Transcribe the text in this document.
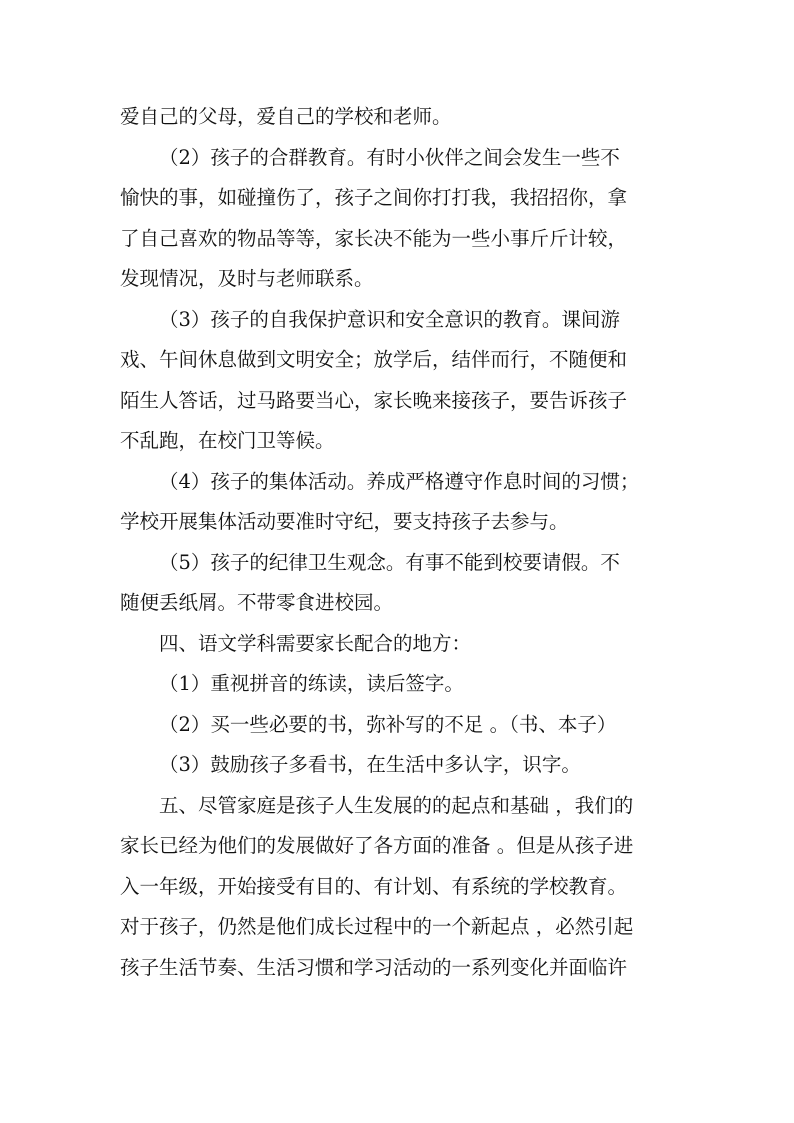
爱自己的父母，爱自己的学校和老师。
（2）孩子的合群教育。有时小伙伴之间会发生一些不
愉快的事，如碰撞伤了，孩子之间你打打我，我招招你，拿
了自己喜欢的物品等等，家长决不能为一些小事斤斤计较，
发现情况，及时与老师联系。
（3）孩子的自我保护意识和安全意识的教育。课间游
戏、午间休息做到文明安全；放学后，结伴而行，不随便和
陌生人答话，过马路要当心，家长晚来接孩子，要告诉孩子
不乱跑，在校门卫等候。
（4）孩子的集体活动。养成严格遵守作息时间的习惯；
学校开展集体活动要准时守纪，要支持孩子去参与。
（5）孩子的纪律卫生观念。有事不能到校要请假。不
随便丢纸屑。不带零食进校园。
四、语文学科需要家长配合的地方：
（1）重视拼音的练读，读后签字。
（2）买一些必要的书，弥补写的不足 。（书、本子）
（3）鼓励孩子多看书，在生活中多认字，识字。
五、尽管家庭是孩子人生发展的的起点和基础 ，我们的
家长已经为他们的发展做好了各方面的准备 。但是从孩子进
入一年级，开始接受有目的、有计划、有系统的学校教育。
对于孩子，仍然是他们成长过程中的一个新起点 ，必然引起
孩子生活节奏、生活习惯和学习活动的一系列变化并面临许
